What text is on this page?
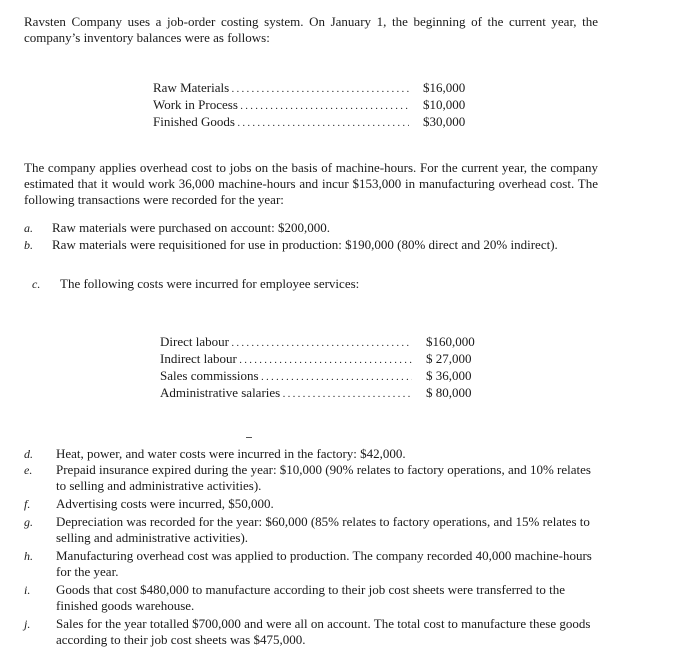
Ravsten Company uses a job-order costing system. On January 1, the beginning of the current year, the company’s inventory balances were as follows:
Raw Materials . . .	$16,000
Work in Process . . .	$10,000
Finished Goods . . .	$30,000
The company applies overhead cost to jobs on the basis of machine-hours. For the current year, the company estimated that it would work 36,000 machine-hours and incur $153,000 in manufacturing overhead cost. The following transactions were recorded for the year:
a.	Raw materials were purchased on account: $200,000.
b.	Raw materials were requisitioned for use in production: $190,000 (80% direct and 20% indirect).
c.	The following costs were incurred for employee services:
Direct labour . . .	$160,000
Indirect labour . . .	$ 27,000
Sales commissions . . .	$ 36,000
Administrative salaries . . .	$ 80,000
d.	Heat, power, and water costs were incurred in the factory: $42,000.
e.	Prepaid insurance expired during the year: $10,000 (90% relates to factory operations, and 10% relates to selling and administrative activities).
f.	Advertising costs were incurred, $50,000.
g.	Depreciation was recorded for the year: $60,000 (85% relates to factory operations, and 15% relates to selling and administrative activities).
h.	Manufacturing overhead cost was applied to production. The company recorded 40,000 machine-hours for the year.
i.	Goods that cost $480,000 to manufacture according to their job cost sheets were transferred to the finished goods warehouse.
j.	Sales for the year totalled $700,000 and were all on account. The total cost to manufacture these goods according to their job cost sheets was $475,000.
